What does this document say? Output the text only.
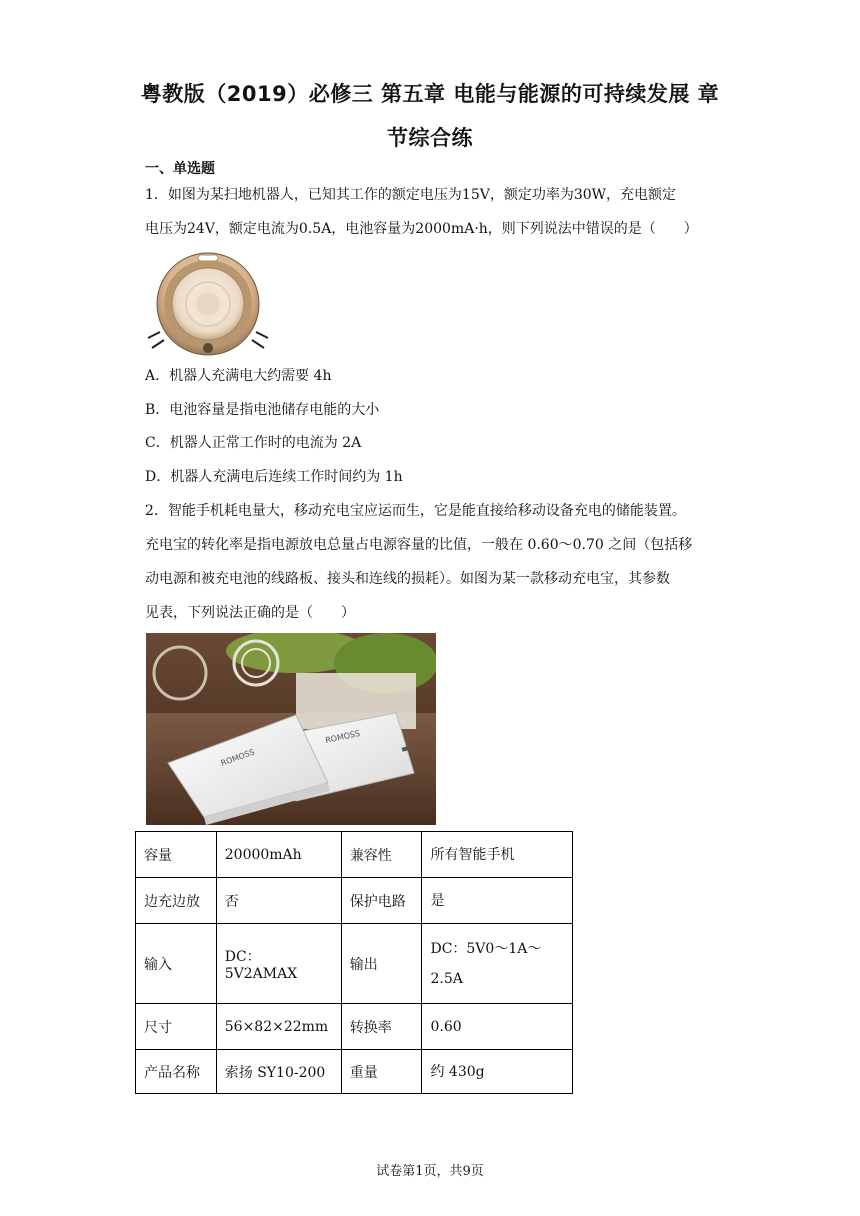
粤教版（2019）必修三 第五章 电能与能源的可持续发展 章
节综合练
一、单选题
1．如图为某扫地机器人，已知其工作的额定电压为15V，额定功率为30W，充电额定
电压为24V，额定电流为0.5A，电池容量为2000mA·h，则下列说法中错误的是（　　）
A．机器人充满电大约需要 4h
B．电池容量是指电池储存电能的大小
C．机器人正常工作时的电流为 2A
D．机器人充满电后连续工作时间约为 1h
2．智能手机耗电量大，移动充电宝应运而生，它是能直接给移动设备充电的储能装置。
充电宝的转化率是指电源放电总量占电源容量的比值，一般在 0.60～0.70 之间（包括移
动电源和被充电池的线路板、接头和连线的损耗）。如图为某一款移动充电宝，其参数
见表，下列说法正确的是（　　）
ROMOSS
ROMOSS
容量	20000mAh	兼容性	所有智能手机
边充边放	否	保护电路	是
输入	DC：5V2AMAX	输出	DC：5V0～1A～2.5A
尺寸	56×82×22mm	转换率	0.60
产品名称	索扬 SY10-200	重量	约 430g
试卷第1页，共9页
